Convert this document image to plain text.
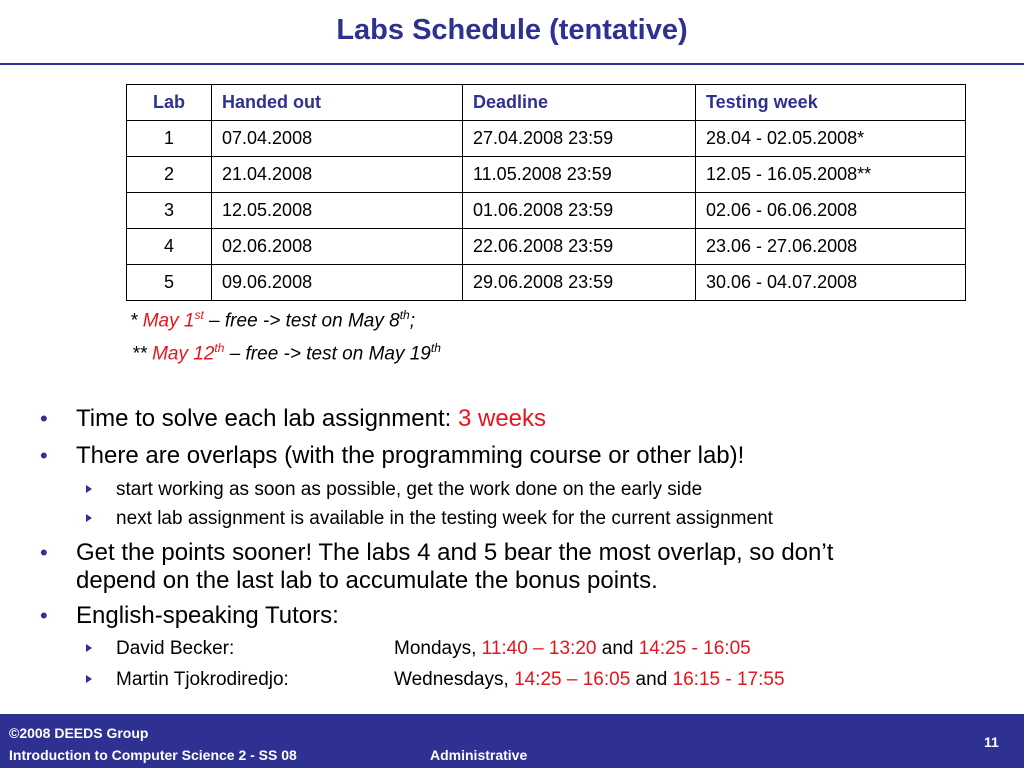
Labs Schedule (tentative)
Lab	Handed out	Deadline	Testing week
1	07.04.2008	27.04.2008 23:59	28.04 - 02.05.2008*
2	21.04.2008	11.05.2008 23:59	12.05 - 16.05.2008**
3	12.05.2008	01.06.2008 23:59	02.06 - 06.06.2008
4	02.06.2008	22.06.2008 23:59	23.06 - 27.06.2008
5	09.06.2008	29.06.2008 23:59	30.06 - 04.07.2008
* May 1st – free -> test on May 8th;
** May 12th – free -> test on May 19th
• Time to solve each lab assignment: 3 weeks
• There are overlaps (with the programming course or other lab)!
start working as soon as possible, get the work done on the early side
next lab assignment is available in the testing week for the current assignment
• Get the points sooner! The labs 4 and 5 bear the most overlap, so don’t
depend on the last lab to accumulate the bonus points.
• English-speaking Tutors:
David Becker:	Mondays, 11:40 – 13:20 and 14:25 - 16:05
Martin Tjokrodiredjo:	Wednesdays, 14:25 – 16:05 and 16:15 - 17:55
©2008 DEEDS Group
Introduction to Computer Science 2 - SS 08	Administrative
11
